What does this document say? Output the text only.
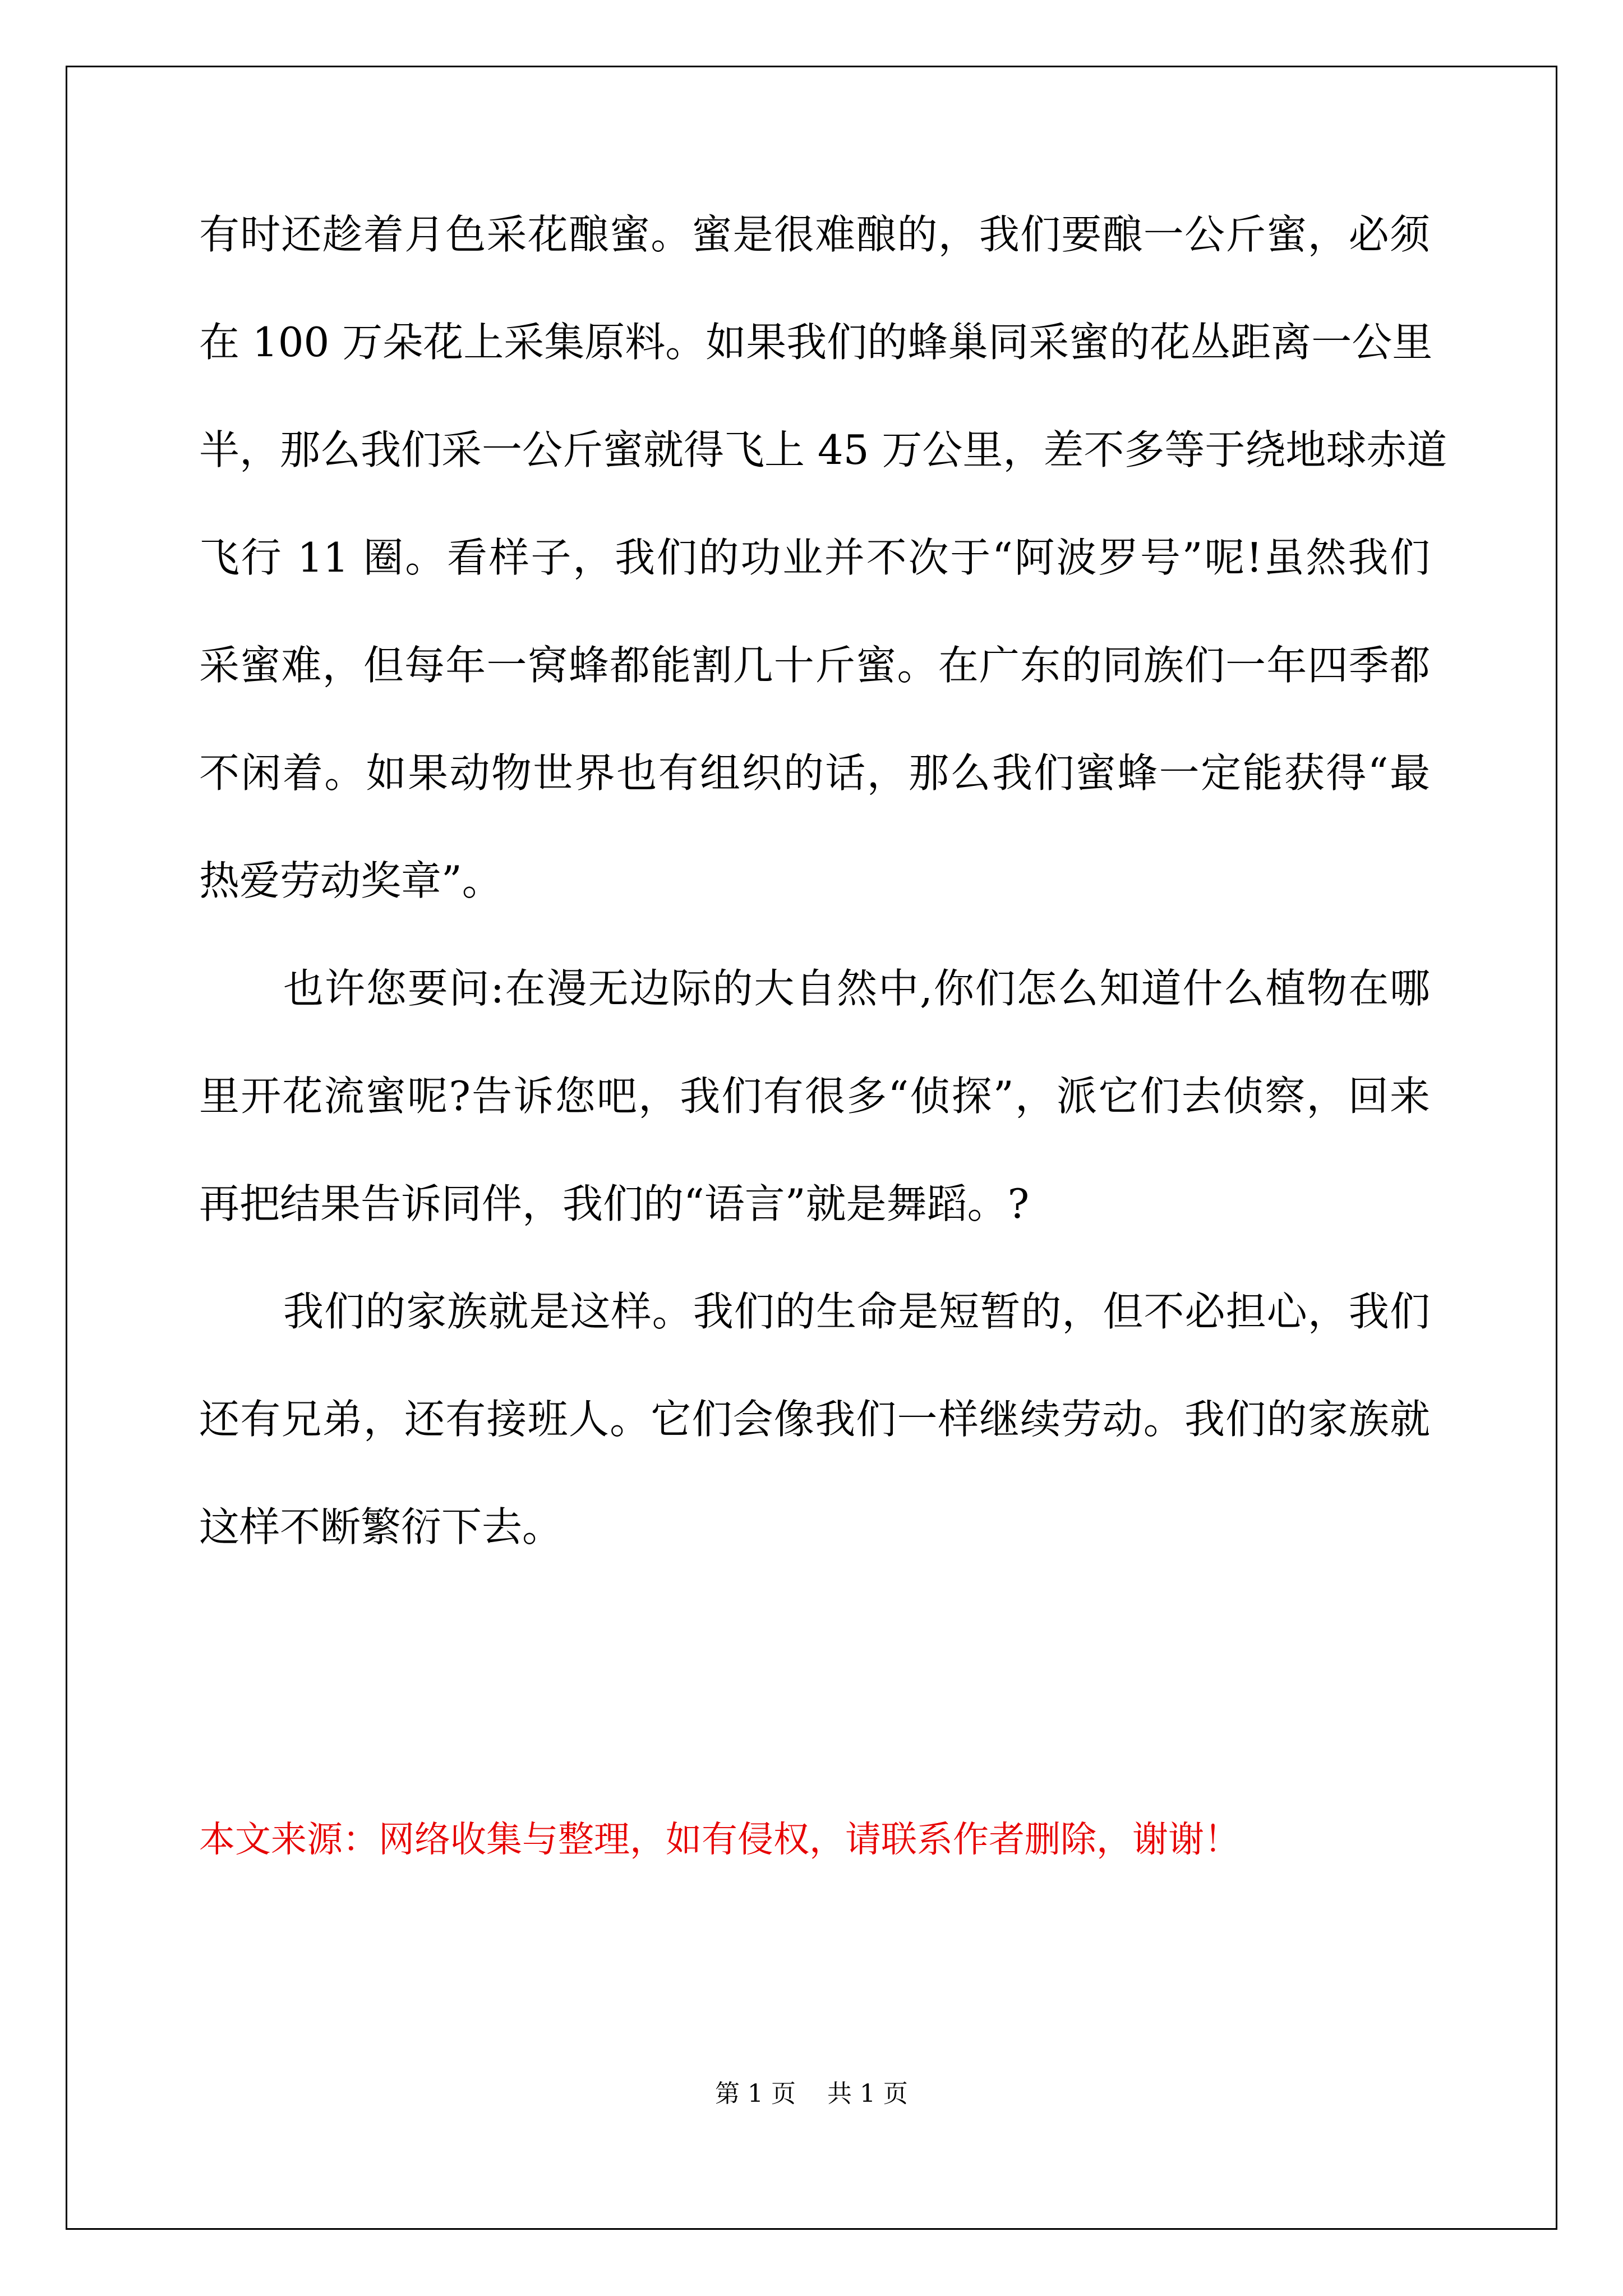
有时还趁着月色采花酿蜜。蜜是很难酿的，我们要酿一公斤蜜，必须
在 100 万朵花上采集原料。如果我们的蜂巢同采蜜的花丛距离一公里
半，那么我们采一公斤蜜就得飞上 45 万公里，差不多等于绕地球赤道
飞行 11 圈。看样子，我们的功业并不次于“阿波罗号”呢!虽然我们
采蜜难，但每年一窝蜂都能割几十斤蜜。在广东的同族们一年四季都
不闲着。如果动物世界也有组织的话，那么我们蜜蜂一定能获得“最
热爱劳动奖章”。
也许您要问:在漫无边际的大自然中,你们怎么知道什么植物在哪
里开花流蜜呢?告诉您吧，我们有很多“侦探”，派它们去侦察，回来
再把结果告诉同伴，我们的“语言”就是舞蹈。?
我们的家族就是这样。我们的生命是短暂的，但不必担心，我们
还有兄弟，还有接班人。它们会像我们一样继续劳动。我们的家族就
这样不断繁衍下去。
本文来源：网络收集与整理，如有侵权，请联系作者删除，谢谢！
第 1 页    共 1 页
